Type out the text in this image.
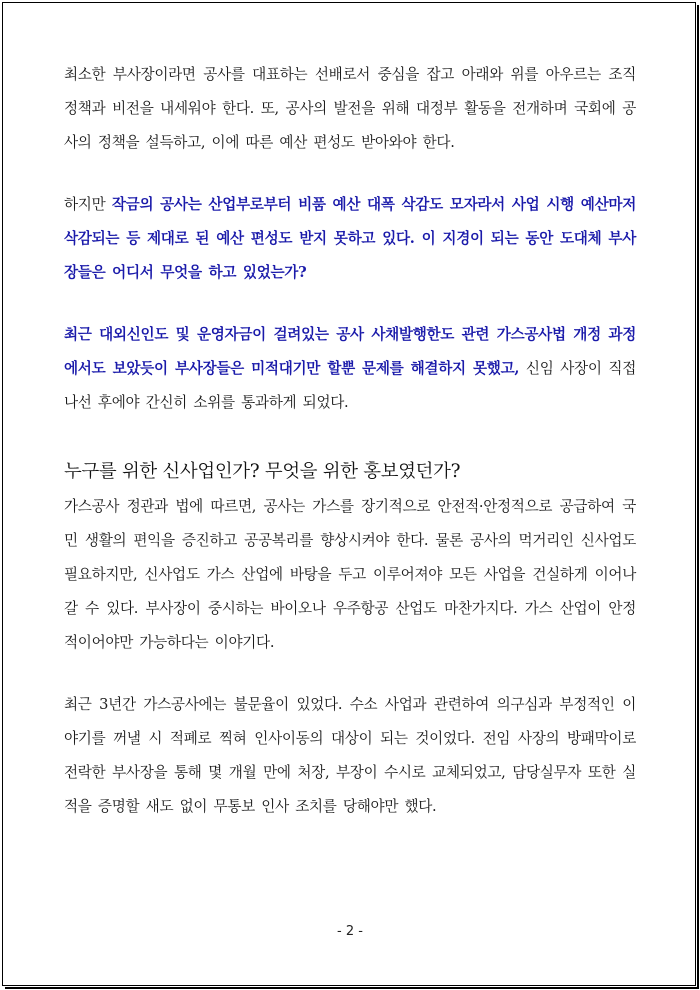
최소한 부사장이라면 공사를 대표하는 선배로서 중심을 잡고 아래와 위를 아우르는 조직 정책과 비전을 내세워야 한다. 또, 공사의 발전을 위해 대정부 활동을 전개하며 국회에 공사의 정책을 설득하고, 이에 따른 예산 편성도 받아와야 한다.

하지만 작금의 공사는 산업부로부터 비품 예산 대폭 삭감도 모자라서 사업 시행 예산마저 삭감되는 등 제대로 된 예산 편성도 받지 못하고 있다. 이 지경이 되는 동안 도대체 부사장들은 어디서 무엇을 하고 있었는가?

최근 대외신인도 및 운영자금이 걸려있는 공사 사채발행한도 관련 가스공사법 개정 과정에서도 보았듯이 부사장들은 미적대기만 할뿐 문제를 해결하지 못했고, 신임 사장이 직접 나선 후에야 간신히 소위를 통과하게 되었다.

누구를 위한 신사업인가? 무엇을 위한 홍보였던가?

가스공사 정관과 법에 따르면, 공사는 가스를 장기적으로 안전적·안정적으로 공급하여 국민 생활의 편익을 증진하고 공공복리를 향상시켜야 한다. 물론 공사의 먹거리인 신사업도 필요하지만, 신사업도 가스 산업에 바탕을 두고 이루어져야 모든 사업을 건실하게 이어나갈 수 있다. 부사장이 중시하는 바이오나 우주항공 산업도 마찬가지다. 가스 산업이 안정적이어야만 가능하다는 이야기다.

최근 3년간 가스공사에는 불문율이 있었다. 수소 사업과 관련하여 의구심과 부정적인 이야기를 꺼낼 시 적폐로 찍혀 인사이동의 대상이 되는 것이었다. 전임 사장의 방패막이로 전락한 부사장을 통해 몇 개월 만에 처장, 부장이 수시로 교체되었고, 담당실무자 또한 실적을 증명할 새도 없이 무통보 인사 조치를 당해야만 했다.

- 2 -
